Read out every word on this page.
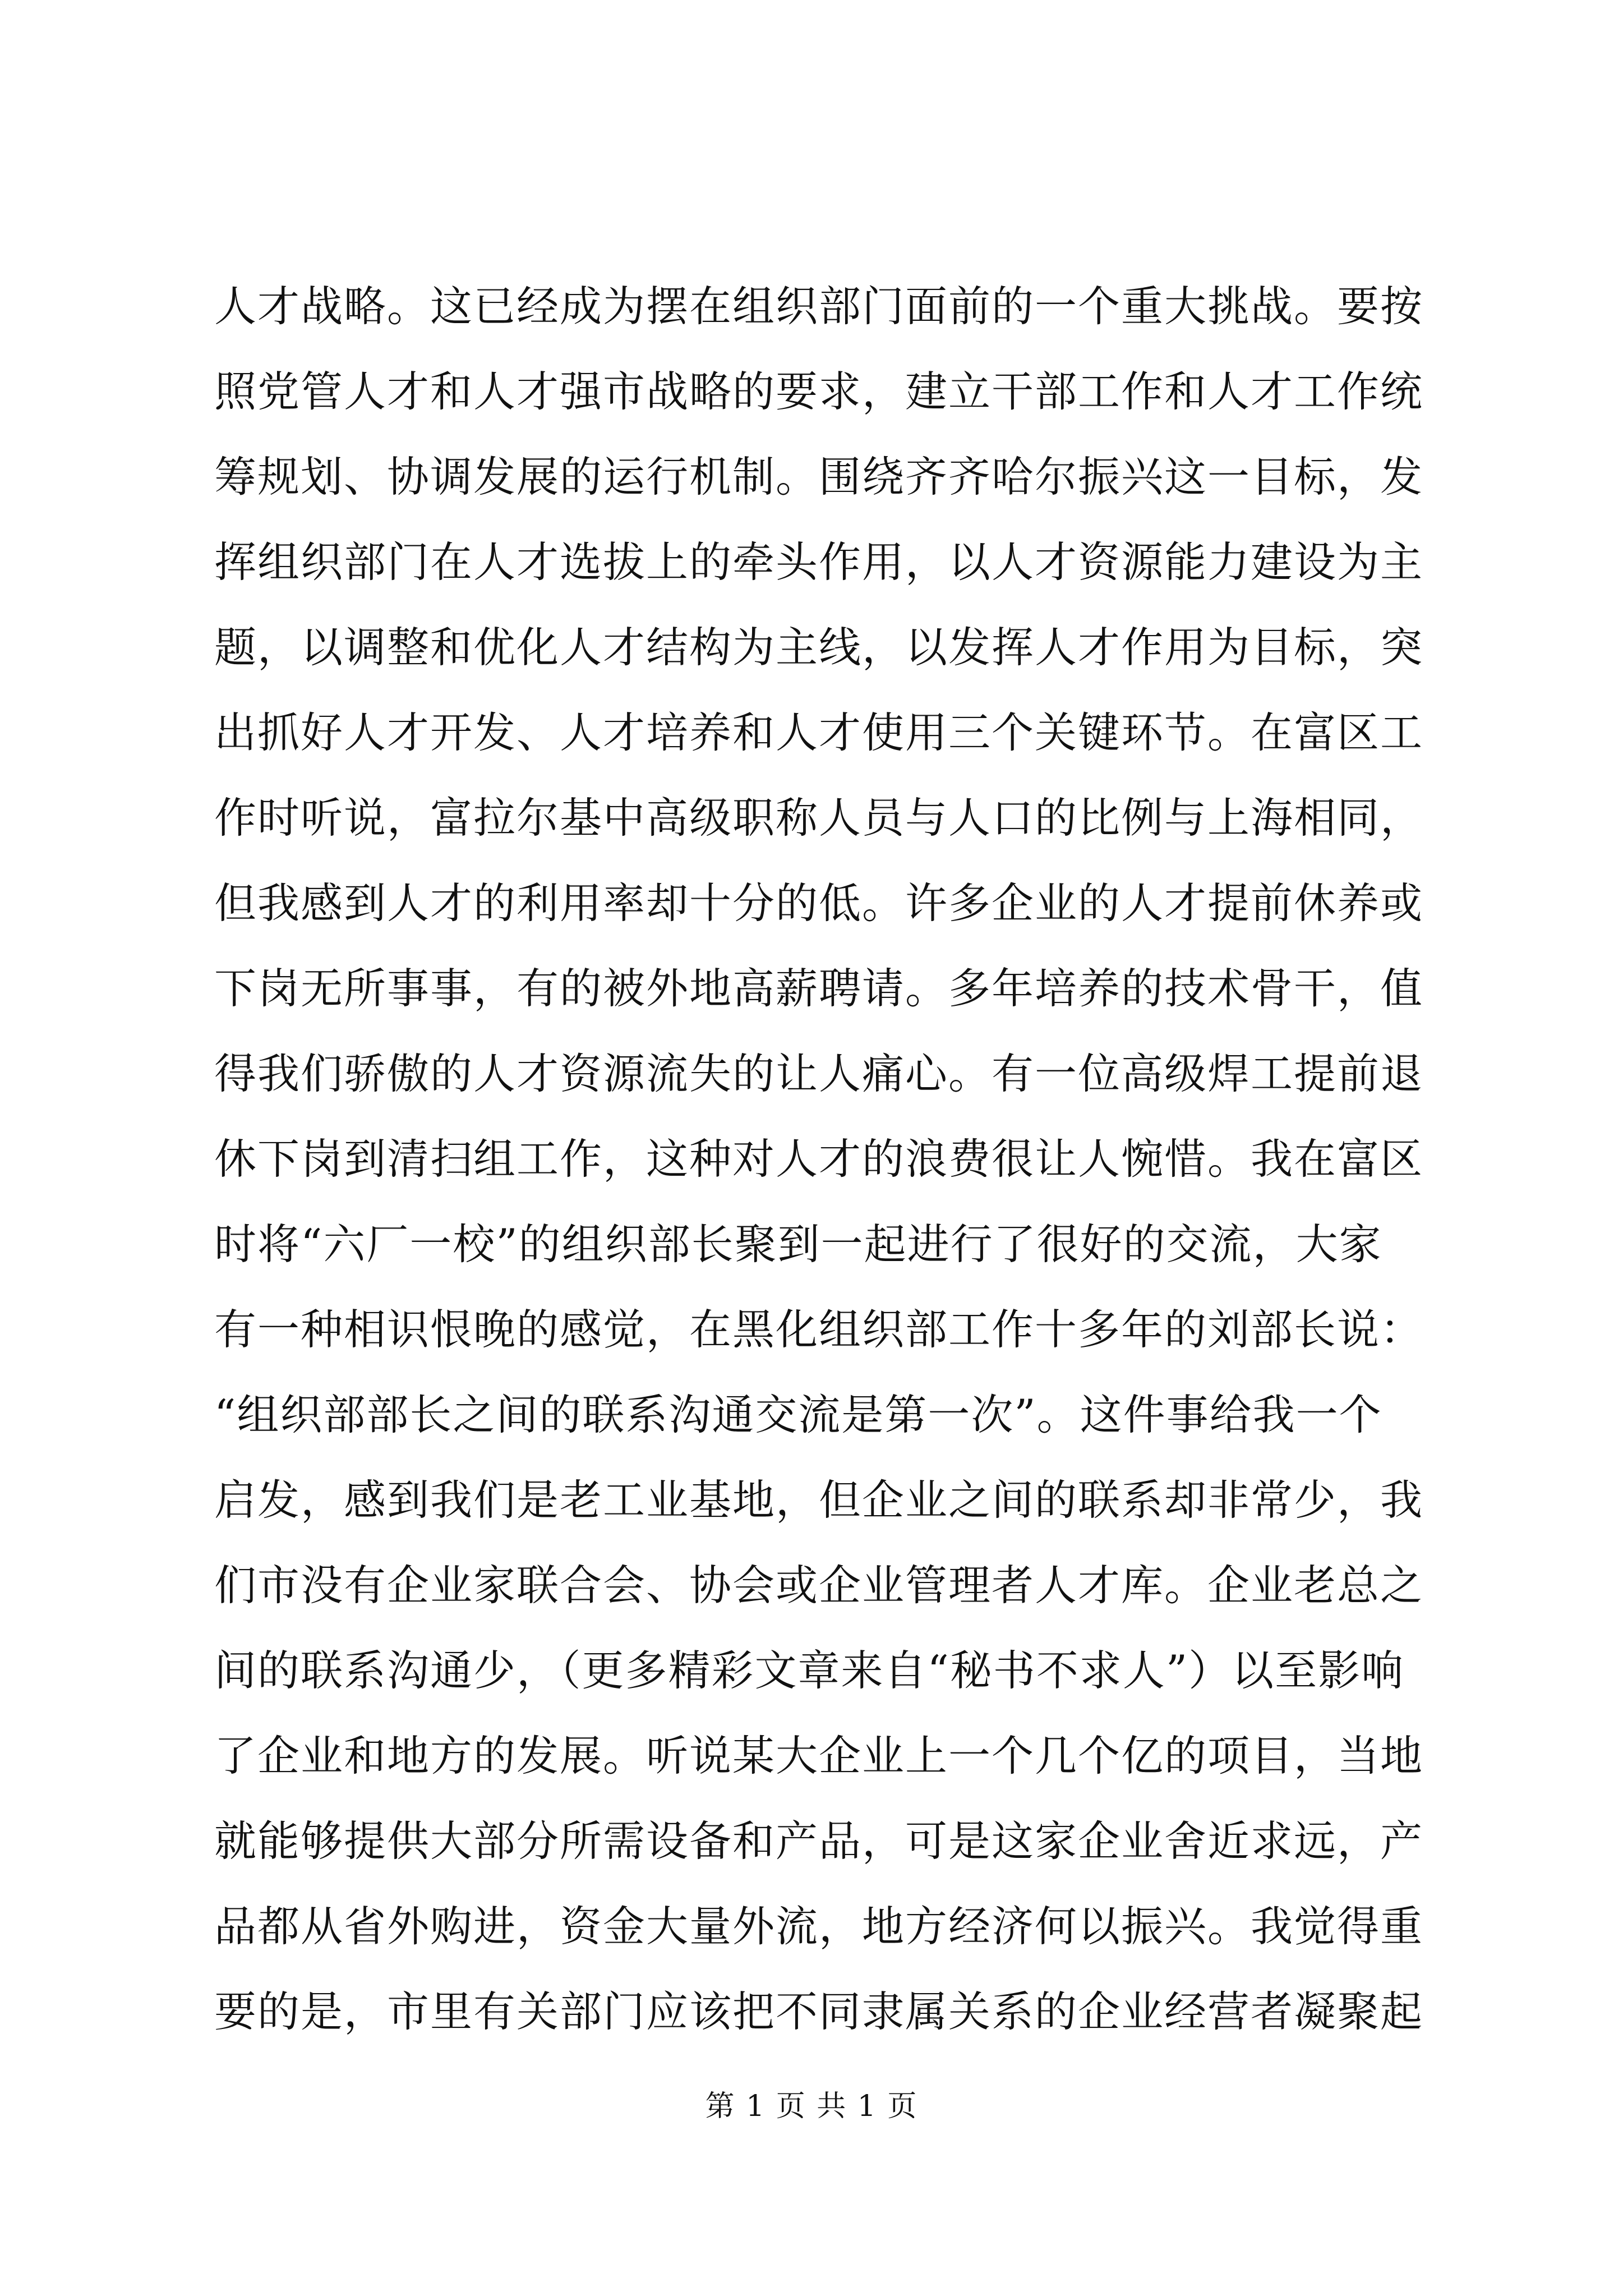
人才战略。这已经成为摆在组织部门面前的一个重大挑战。要按
照党管人才和人才强市战略的要求，建立干部工作和人才工作统
筹规划、协调发展的运行机制。围绕齐齐哈尔振兴这一目标，发
挥组织部门在人才选拔上的牵头作用，以人才资源能力建设为主
题，以调整和优化人才结构为主线，以发挥人才作用为目标，突
出抓好人才开发、人才培养和人才使用三个关键环节。在富区工
作时听说，富拉尔基中高级职称人员与人口的比例与上海相同，
但我感到人才的利用率却十分的低。许多企业的人才提前休养或
下岗无所事事，有的被外地高薪聘请。多年培养的技术骨干，值
得我们骄傲的人才资源流失的让人痛心。有一位高级焊工提前退
休下岗到清扫组工作，这种对人才的浪费很让人惋惜。我在富区
时将“六厂一校”的组织部长聚到一起进行了很好的交流，大家
有一种相识恨晚的感觉，在黑化组织部工作十多年的刘部长说：
“组织部部长之间的联系沟通交流是第一次”。这件事给我一个
启发，感到我们是老工业基地，但企业之间的联系却非常少，我
们市没有企业家联合会、协会或企业管理者人才库。企业老总之
间的联系沟通少，（更多精彩文章来自“秘书不求人”）以至影响
了企业和地方的发展。听说某大企业上一个几个亿的项目，当地
就能够提供大部分所需设备和产品，可是这家企业舍近求远，产
品都从省外购进，资金大量外流，地方经济何以振兴。我觉得重
要的是，市里有关部门应该把不同隶属关系的企业经营者凝聚起
第 1 页 共 1 页
